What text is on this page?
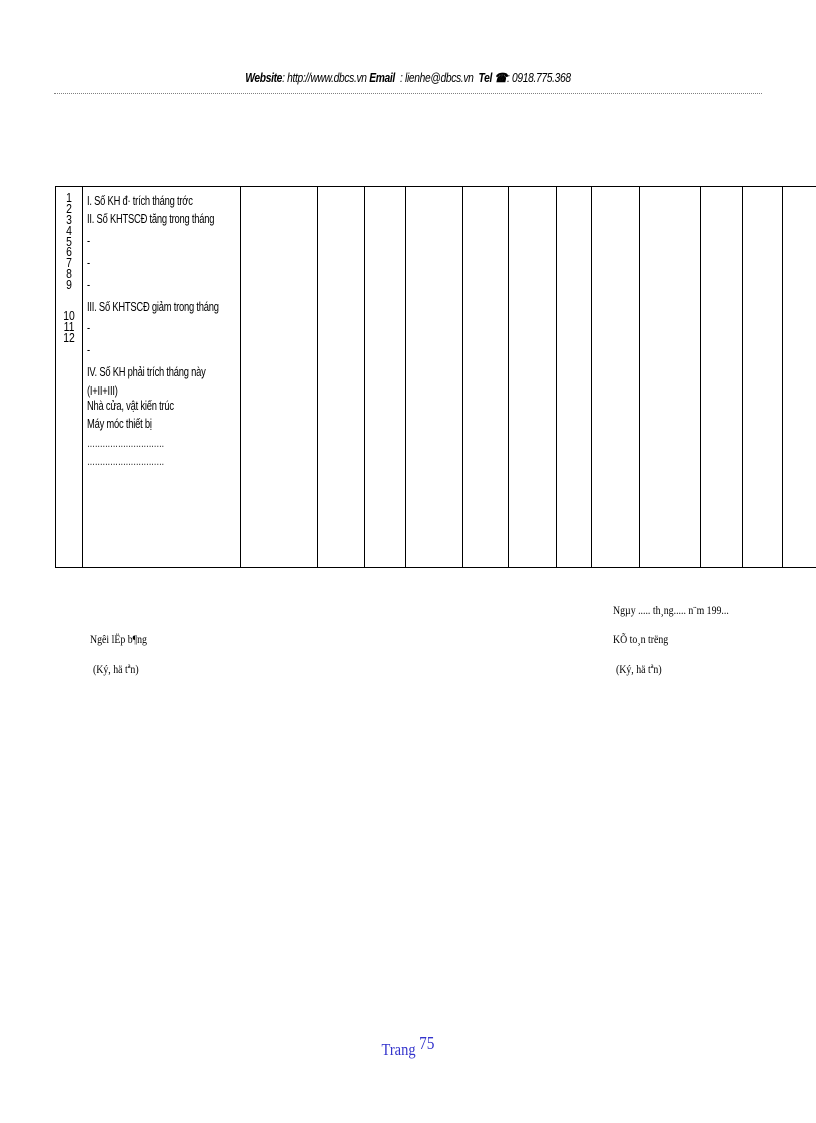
Website: http://www.dbcs.vn Email : lienhe@dbcs.vn Tel ☎: 0918.775.368
1
2
3
4
5
6
7
8
9
10
11
12
I. Số KH đ· trích tháng trớc
II. Số KHTSCĐ tăng trong tháng
-
-
-
III. Số KHTSCĐ giảm trong tháng
-
-
IV. Số KH phải trích tháng này
(I+II+III)
Nhà cửa, vật kiến trúc
Máy móc thiết bị
…………………………
…………………………
Ngµy ..... th¸ng..... n¨m 199...
Ngêi lËp b¶ng
(Ký, hä tªn)
KÕ to¸n trëng
(Ký, hä tªn)
Trang 75
